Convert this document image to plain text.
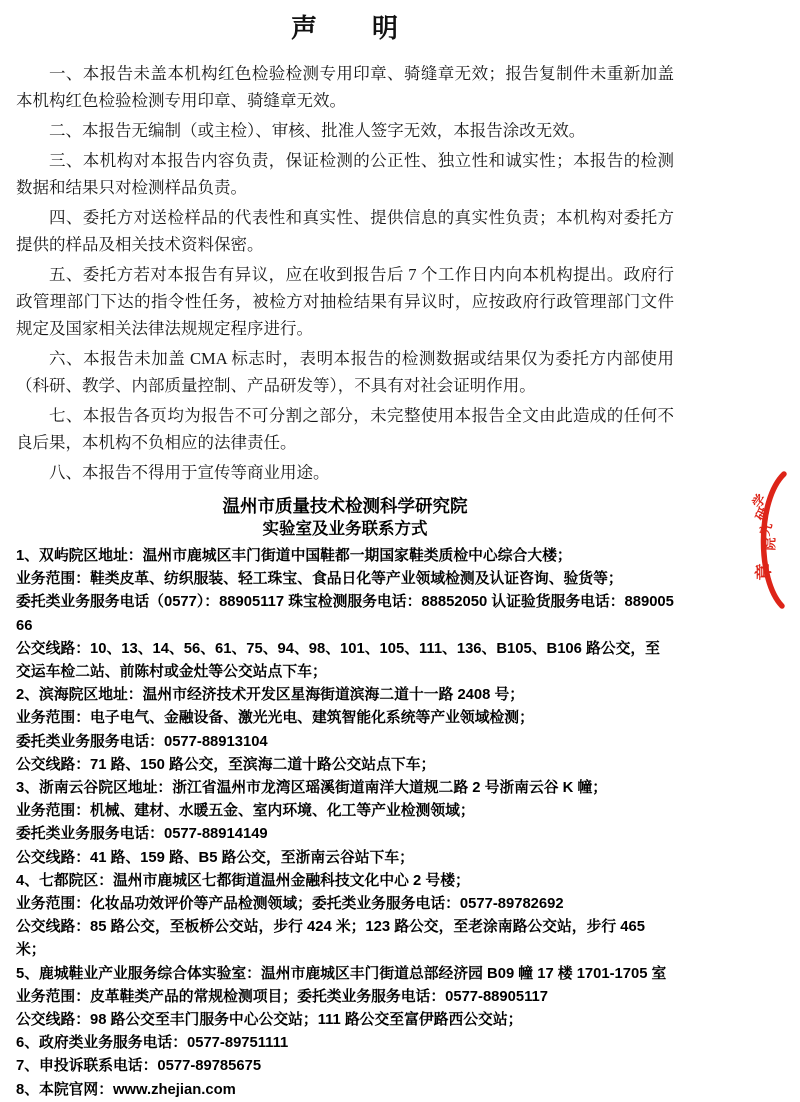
声　　明

一、本报告未盖本机构红色检验检测专用印章、骑缝章无效；报告复制件未重新加盖本机构红色检验检测专用印章、骑缝章无效。

二、本报告无编制（或主检）、审核、批准人签字无效，本报告涂改无效。

三、本机构对本报告内容负责，保证检测的公正性、独立性和诚实性；本报告的检测数据和结果只对检测样品负责。

四、委托方对送检样品的代表性和真实性、提供信息的真实性负责；本机构对委托方提供的样品及相关技术资料保密。

五、委托方若对本报告有异议，应在收到报告后 7 个工作日内向本机构提出。政府行政管理部门下达的指令性任务，被检方对抽检结果有异议时，应按政府行政管理部门文件规定及国家相关法律法规规定程序进行。

六、本报告未加盖 CMA 标志时，表明本报告的检测数据或结果仅为委托方内部使用（科研、教学、内部质量控制、产品研发等），不具有对社会证明作用。

七、本报告各页均为报告不可分割之部分，未完整使用本报告全文由此造成的任何不良后果，本机构不负相应的法律责任。

八、本报告不得用于宣传等商业用途。

温州市质量技术检测科学研究院
实验室及业务联系方式
1、双屿院区地址：温州市鹿城区丰门街道中国鞋都一期国家鞋类质检中心综合大楼；
业务范围：鞋类皮革、纺织服装、轻工珠宝、食品日化等产业领域检测及认证咨询、验货等；
委托类业务服务电话（0577）：88905117 珠宝检测服务电话：88852050 认证验货服务电话：88900566
公交线路：10、13、14、56、61、75、94、98、101、105、111、136、B105、B106 路公交，至交运车检二站、前陈村或金灶等公交站点下车；
2、滨海院区地址：温州市经济技术开发区星海街道滨海二道十一路 2408 号；
业务范围：电子电气、金融设备、激光光电、建筑智能化系统等产业领域检测；
委托类业务服务电话：0577-88913104
公交线路：71 路、150 路公交，至滨海二道十路公交站点下车；
3、浙南云谷院区地址：浙江省温州市龙湾区瑶溪街道南洋大道规二路 2 号浙南云谷 K 幢；
业务范围：机械、建材、水暖五金、室内环境、化工等产业检测领域；
委托类业务服务电话：0577-88914149
公交线路：41 路、159 路、B5 路公交，至浙南云谷站下车；
4、七都院区：温州市鹿城区七都街道温州金融科技文化中心 2 号楼；
业务范围：化妆品功效评价等产品检测领域；委托类业务服务电话：0577-89782692
公交线路：85 路公交，至板桥公交站，步行 424 米；123 路公交，至老涂南路公交站，步行 465 米；
5、鹿城鞋业产业服务综合体实验室：温州市鹿城区丰门街道总部经济园 B09 幢 17 楼 1701-1705 室
业务范围：皮革鞋类产品的常规检测项目；委托类业务服务电话：0577-88905117
公交线路：98 路公交至丰门服务中心公交站；111 路公交至富伊路西公交站；
6、政府类业务服务电话：0577-89751111
7、申投诉联系电话：0577-89785675
8、本院官网：www.zhejian.com
学
研
究
院
章
